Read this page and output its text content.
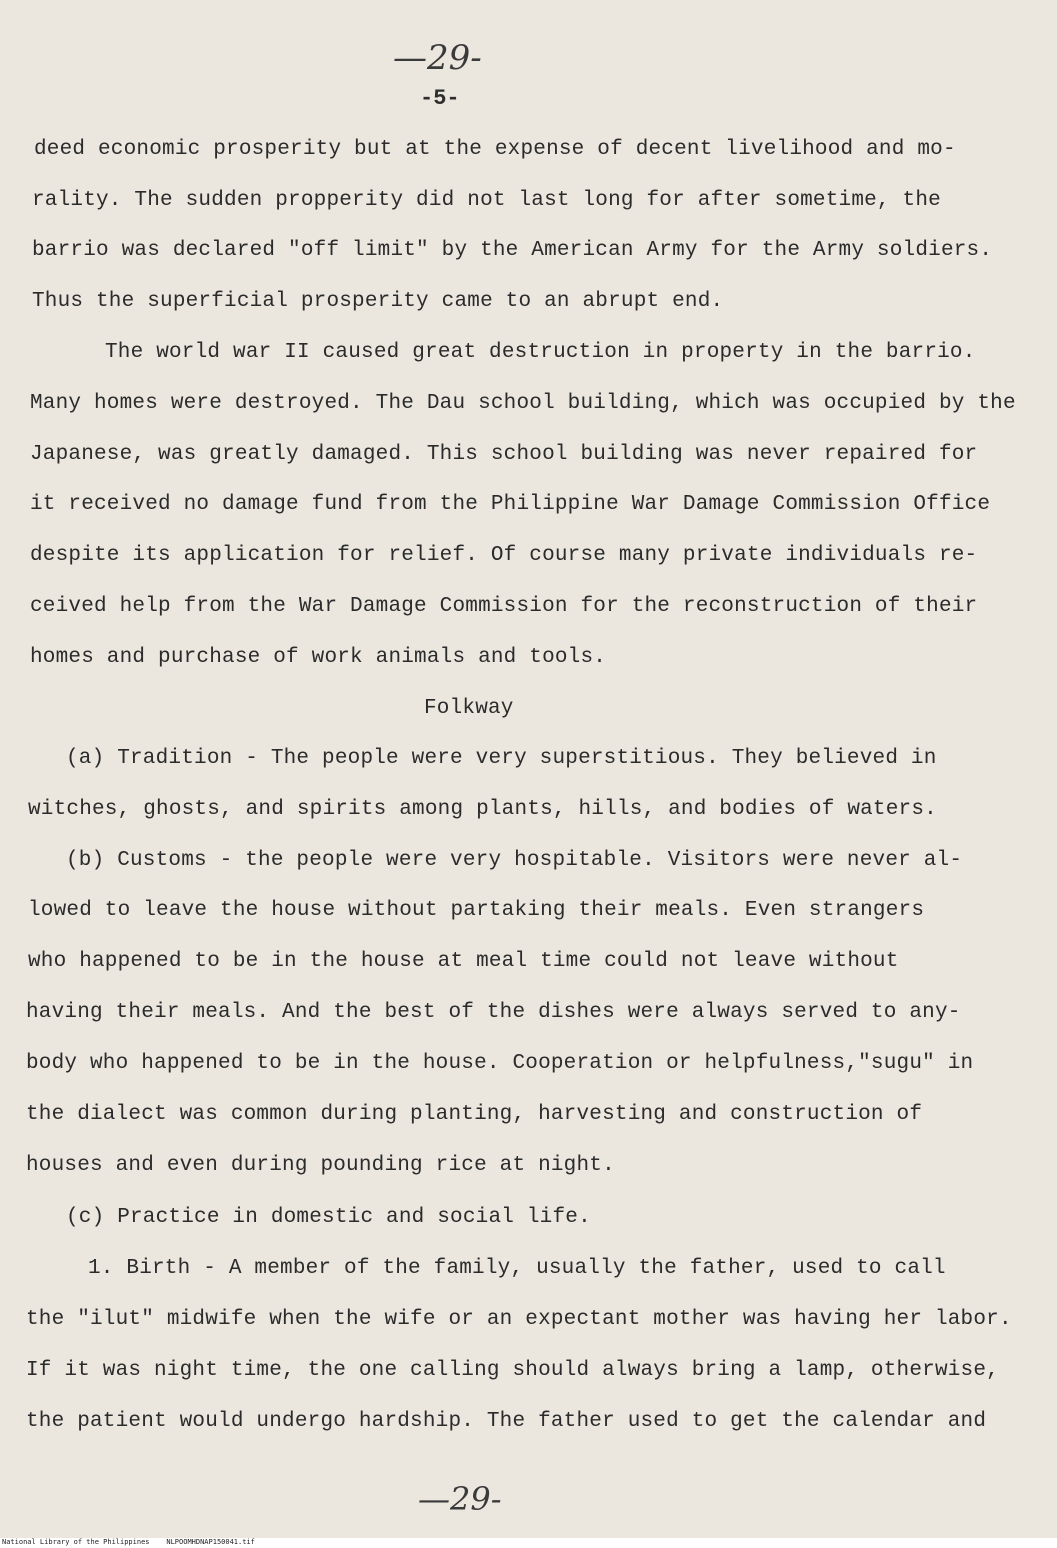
—29-
-5-
deed economic prosperity but at the expense of decent livelihood and mo-
rality. The sudden propperity did not last long for after sometime, the
barrio was declared "off limit" by the American Army for the Army soldiers.
Thus the superficial prosperity came to an abrupt end.
The world war II caused great destruction in property in the barrio.
Many homes were destroyed. The Dau school building, which was occupied by the
Japanese, was greatly damaged. This school building was never repaired for
it received no damage fund from the Philippine War Damage Commission Office
despite its application for relief. Of course many private individuals re-
ceived help from the War Damage Commission for the reconstruction of their
homes and purchase of work animals and tools.
Folkway
(a) Tradition - The people were very superstitious. They believed in
witches, ghosts, and spirits among plants, hills, and bodies of waters.
(b) Customs - the people were very hospitable. Visitors were never al-
lowed to leave the house without partaking their meals. Even strangers
who happened to be in the house at meal time could not leave without
having their meals. And the best of the dishes were always served to any-
body who happened to be in the house. Cooperation or helpfulness,"sugu" in
the dialect was common during planting, harvesting and construction of
houses and even during pounding rice at night.
(c) Practice in domestic and social life.
1. Birth - A member of the family, usually the father, used to call
the "ilut" midwife when the wife or an expectant mother was having her labor.
If it was night time, the one calling should always bring a lamp, otherwise,
the patient would undergo hardship. The father used to get the calendar and
—29-
National Library of the Philippines NLPOOMHDNAP150041.tif
